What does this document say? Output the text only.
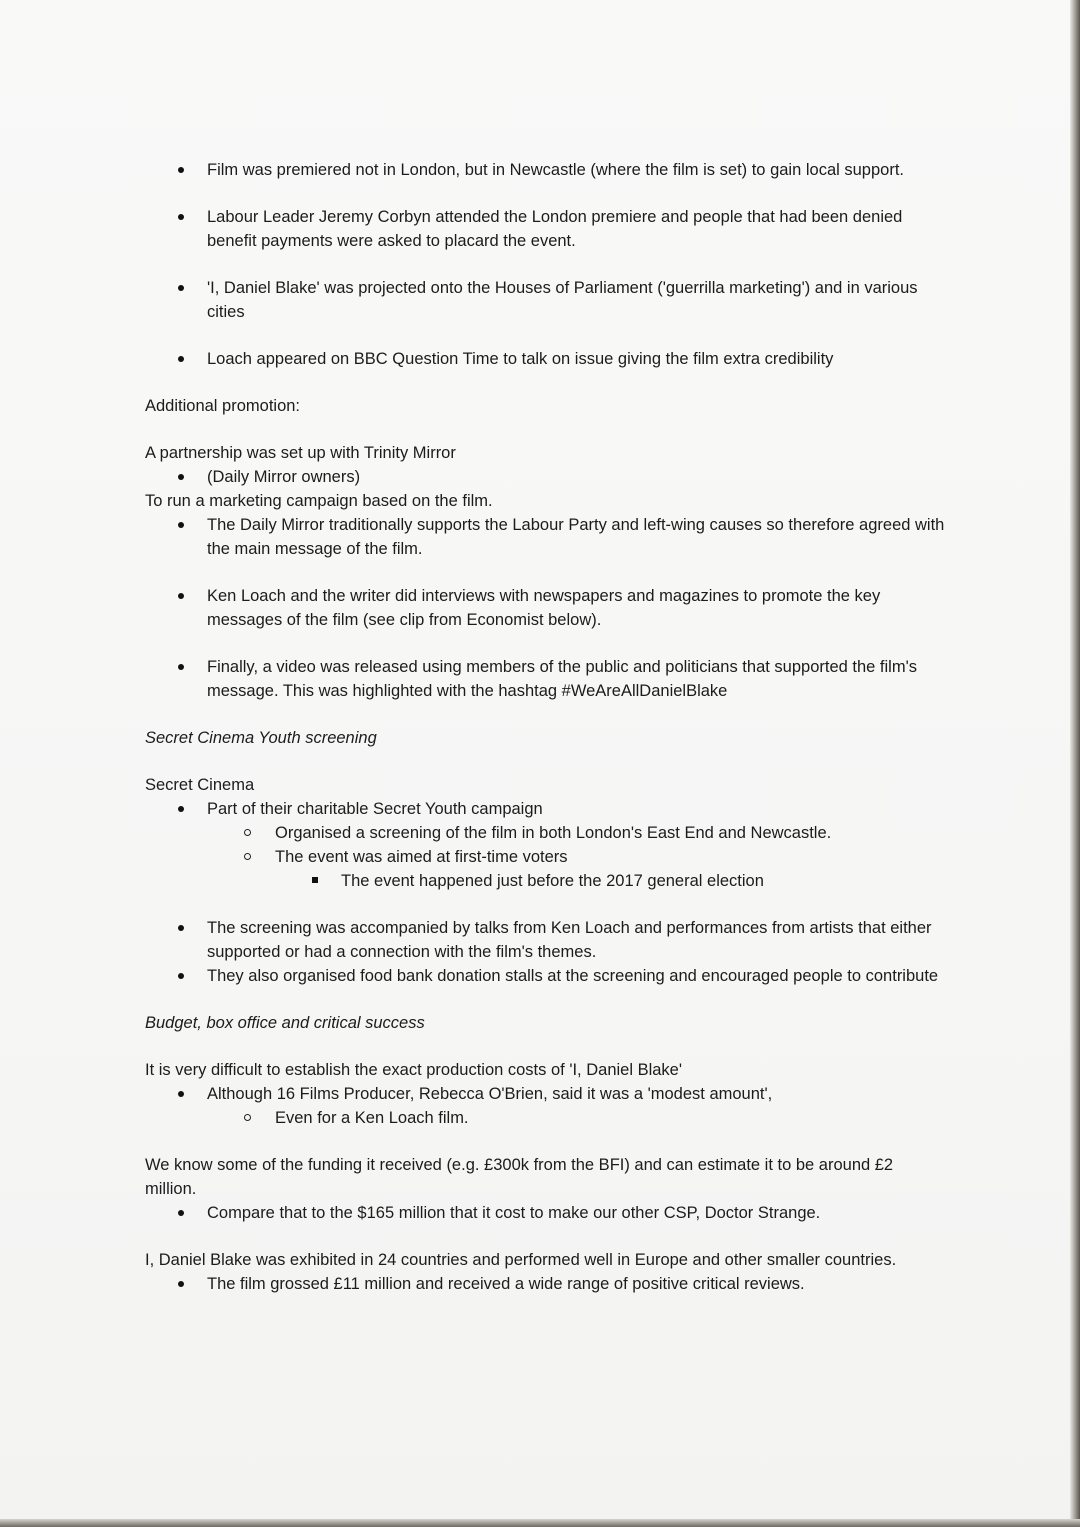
Film was premiered not in London, but in Newcastle (where the film is set) to gain local support.
Labour Leader Jeremy Corbyn attended the London premiere and people that had been denied benefit payments were asked to placard the event.
'I, Daniel Blake' was projected onto the Houses of Parliament ('guerrilla marketing') and in various cities
Loach appeared on BBC Question Time to talk on issue giving the film extra credibility

Additional promotion:

A partnership was set up with Trinity Mirror

(Daily Mirror owners)

To run a marketing campaign based on the film.

The Daily Mirror traditionally supports the Labour Party and left-wing causes so therefore agreed with the main message of the film.
Ken Loach and the writer did interviews with newspapers and magazines to promote the key messages of the film (see clip from Economist below).
Finally, a video was released using members of the public and politicians that supported the film's message. This was highlighted with the hashtag #WeAreAllDanielBlake

Secret Cinema Youth screening

Secret Cinema

Part of their charitable Secret Youth campaign
Organised a screening of the film in both London's East End and Newcastle.
The event was aimed at first-time voters
The event happened just before the 2017 general election
The screening was accompanied by talks from Ken Loach and performances from artists that either supported or had a connection with the film's themes.
They also organised food bank donation stalls at the screening and encouraged people to contribute

Budget, box office and critical success

It is very difficult to establish the exact production costs of 'I, Daniel Blake'

Although 16 Films Producer, Rebecca O'Brien, said it was a 'modest amount',
Even for a Ken Loach film.

We know some of the funding it received (e.g. £300k from the BFI) and can estimate it to be around £2 million.

Compare that to the $165 million that it cost to make our other CSP, Doctor Strange.

I, Daniel Blake was exhibited in 24 countries and performed well in Europe and other smaller countries.

The film grossed £11 million and received a wide range of positive critical reviews.
